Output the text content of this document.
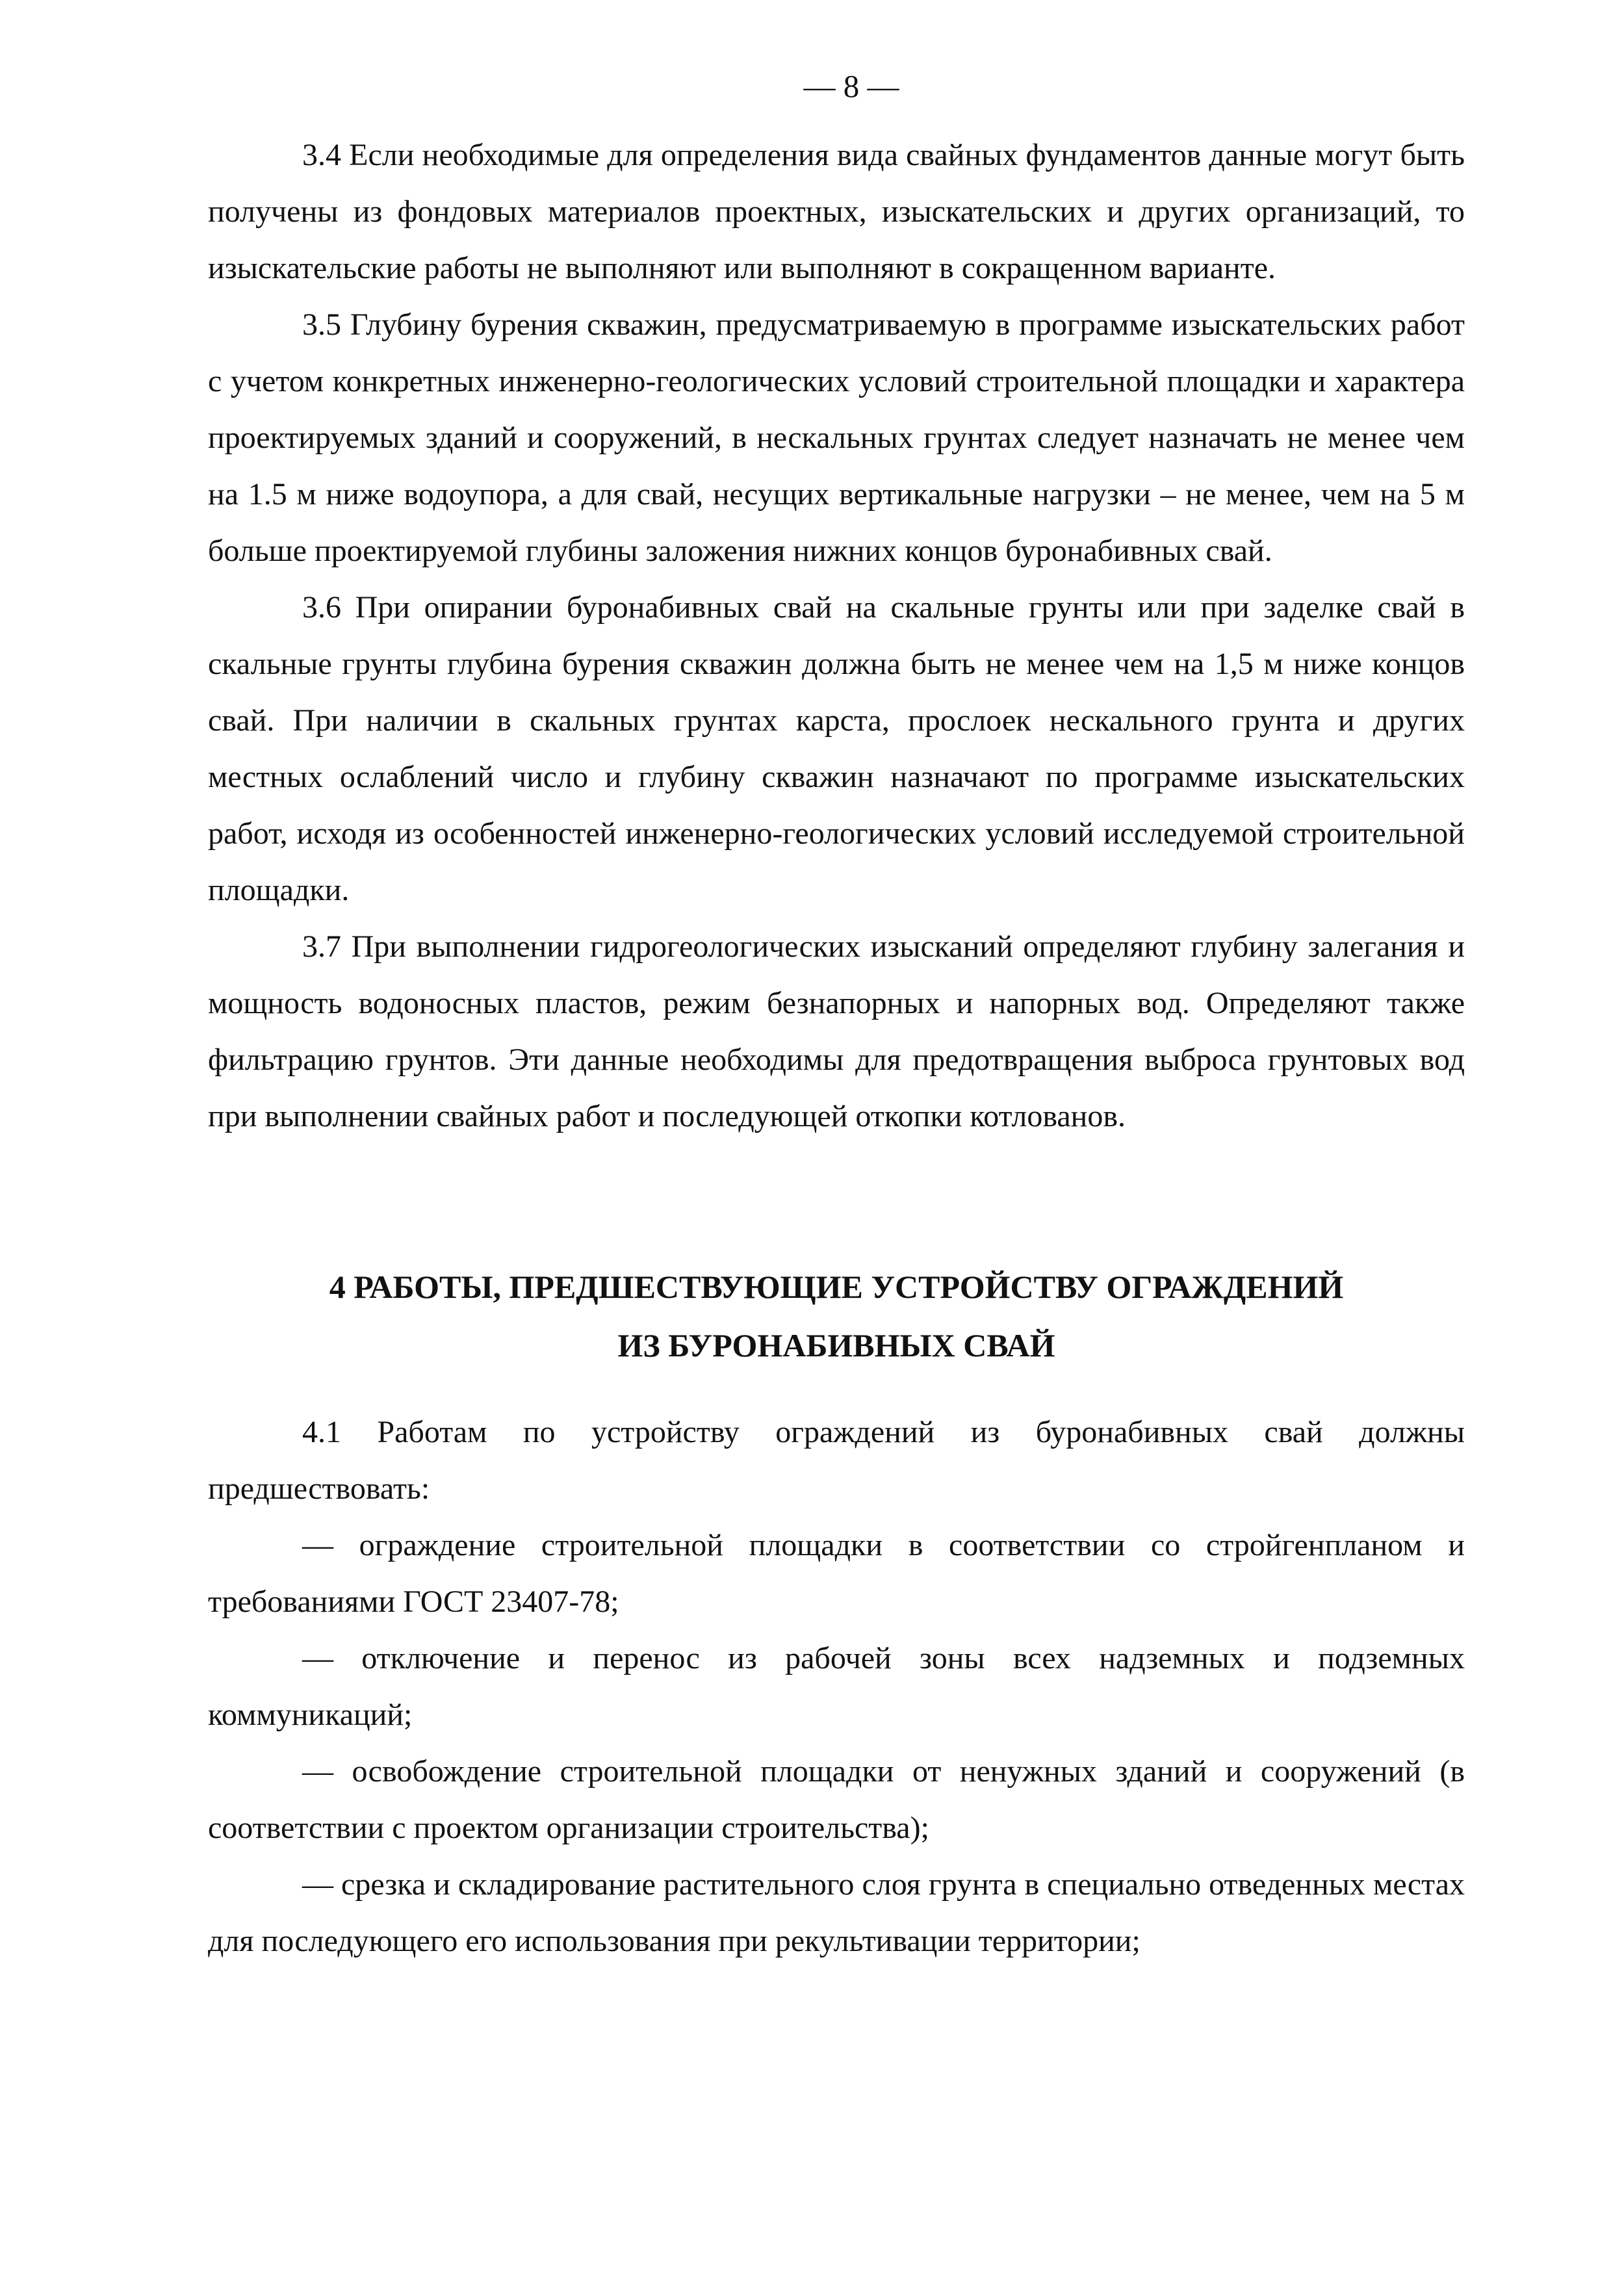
— 8 —

3.4 Если необходимые для определения вида свайных фундаментов данные могут быть получены из фондовых материалов проектных, изыскательских и других организаций, то изыскательские работы не выполняют или выполняют в сокращенном варианте.

3.5 Глубину бурения скважин, предусматриваемую в программе изыскательских работ с учетом конкретных инженерно-геологических условий строительной площадки и характера проектируемых зданий и сооружений, в нескальных грунтах следует назначать не менее чем на 1.5 м ниже водоупора, а для свай, несущих вертикальные нагрузки – не менее, чем на 5 м больше проектируемой глубины заложения нижних концов буронабивных свай.

3.6 При опирании буронабивных свай на скальные грунты или при заделке свай в скальные грунты глубина бурения скважин должна быть не менее чем на 1,5 м ниже концов свай. При наличии в скальных грунтах карста, прослоек нескального грунта и других местных ослаблений число и глубину скважин назначают по программе изыскательских работ, исходя из особенностей инженерно-геологических условий исследуемой строительной площадки.

3.7 При выполнении гидрогеологических изысканий определяют глубину залегания и мощность водоносных пластов, режим безнапорных и напорных вод. Определяют также фильтрацию грунтов. Эти данные необходимы для предотвращения выброса грунтовых вод при выполнении свайных работ и последующей откопки котлованов.

4 РАБОТЫ, ПРЕДШЕСТВУЮЩИЕ УСТРОЙСТВУ ОГРАЖДЕНИЙ
ИЗ БУРОНАБИВНЫХ СВАЙ

4.1 Работам по устройству ограждений из буронабивных свай должны предшествовать:

— ограждение строительной площадки в соответствии со стройгенпланом и требованиями ГОСТ 23407-78;

— отключение и перенос из рабочей зоны всех надземных и подземных коммуникаций;

— освобождение строительной площадки от ненужных зданий и сооружений (в соответствии с проектом организации строительства);

— срезка и складирование растительного слоя грунта в специально отведенных местах для последующего его использования при рекультивации территории;
